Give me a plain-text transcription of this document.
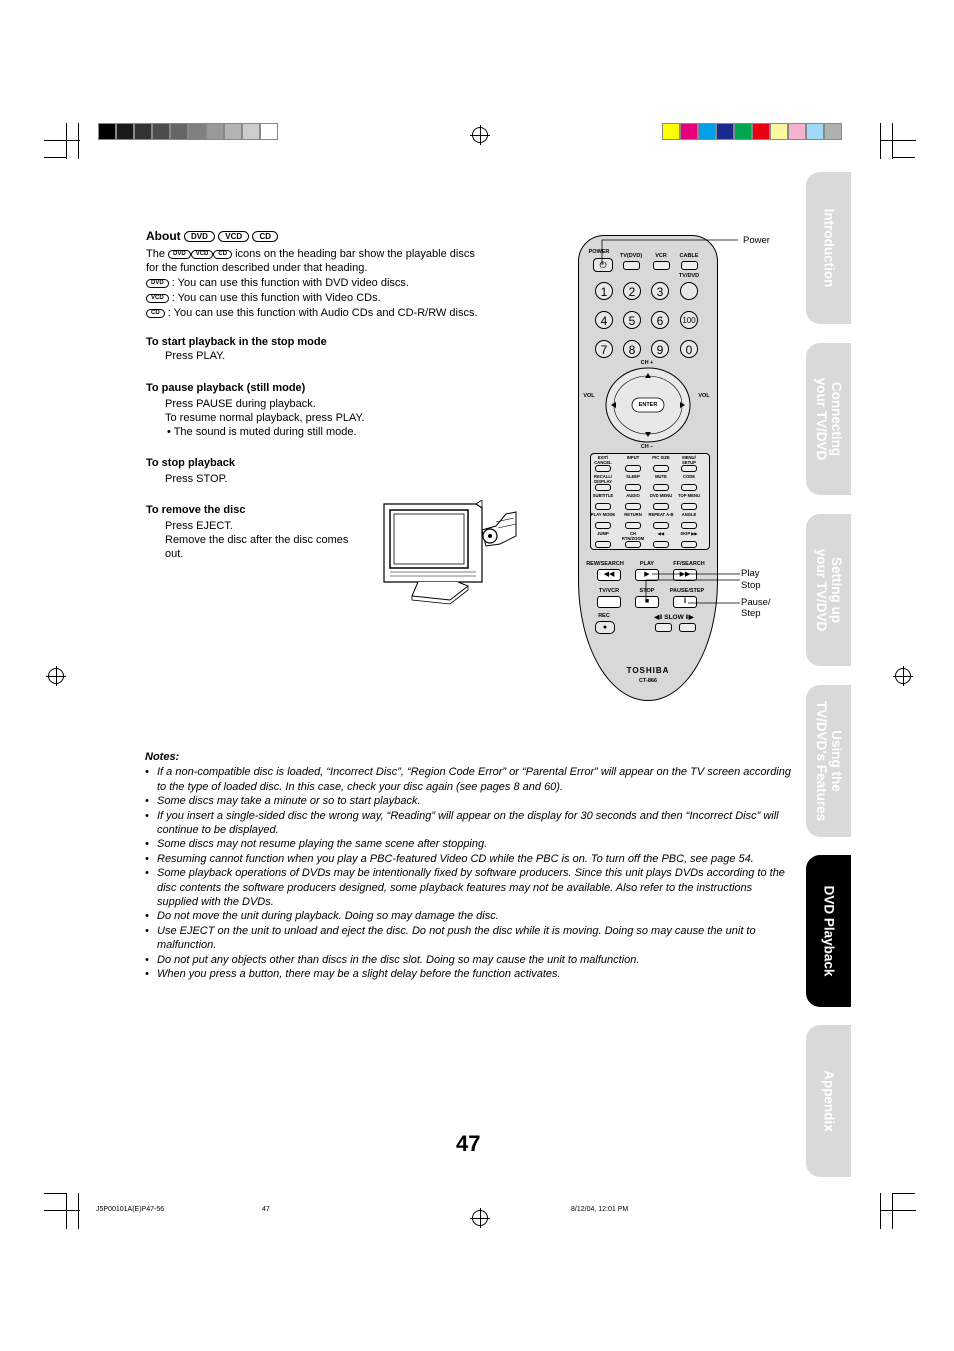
Introduction
Connecting
your TV/DVD
Setting up
your TV/DVD
Using the
TV/DVD's Features
DVD Playback
Appendix
About DVD VCD CD
The DVD VCD CD icons on the heading bar show the playable discs
for the function described under that heading.
DVD : You can use this function with DVD video discs.
VCD : You can use this function with Video CDs.
CD : You can use this function with Audio CDs and CD-R/RW discs.
To start playback in the stop mode
Press PLAY.
To pause playback (still mode)
Press PAUSE during playback.
To resume normal playback, press PLAY.
• The sound is muted during still mode.
To stop playback
Press STOP.
To remove the disc
Press EJECT.
Remove the disc after the disc comes
out.
POWER
TV(DVD) VCR CABLE
⏻
TV/DVD
1	2	3
4	5	6	100
7	8	9	0
CH +
ENTER
VOL	VOL
CH –
EXIT/ CANCEL
INPUT	PIC SIZE	MENU/ SETUP
RECALL/ DISPLAY
SLEEP	MUTE	CODE
SUBTITLE	AUDIO	DVD MENU	TOP MENU
PLAY MODE	RETURN	REPEAT A-B	ANGLE
JUMP	CH RTN/ZOOM
◀◀	SKIP ▶▶
REW/SEARCH	PLAY	FF/SEARCH
◀◀	▶	▶▶
TV/VCR	STOP	PAUSE/STEP
■	‖
REC	◀‖ SLOW ‖▶
●
TOSHIBA
CT-866
Power
Play
Stop
Pause/
Step
Notes:
• If a non-compatible disc is loaded, “Incorrect Disc”, “Region Code Error” or “Parental Error” will appear on the TV screen according to the type of loaded disc. In this case, check your disc again (see pages 8 and 60).
• Some discs may take a minute or so to start playback.
• If you insert a single-sided disc the wrong way, “Reading” will appear on the display for 30 seconds and then “Incorrect Disc” will continue to be displayed.
• Some discs may not resume playing the same scene after stopping.
• Resuming cannot function when you play a PBC-featured Video CD while the PBC is on. To turn off the PBC, see page 54.
• Some playback operations of DVDs may be intentionally fixed by software producers. Since this unit plays DVDs according to the disc contents the software producers designed, some playback features may not be available. Also refer to the instructions supplied with the DVDs.
• Do not move the unit during playback. Doing so may damage the disc.
• Use EJECT on the unit to unload and eject the disc. Do not push the disc while it is moving. Doing so may cause the unit to malfunction.
• Do not put any objects other than discs in the disc slot. Doing so may cause the unit to malfunction.
• When you press a button, there may be a slight delay before the function activates.
47
J5P00101A(E)P47-56	47	8/12/04, 12:01 PM
